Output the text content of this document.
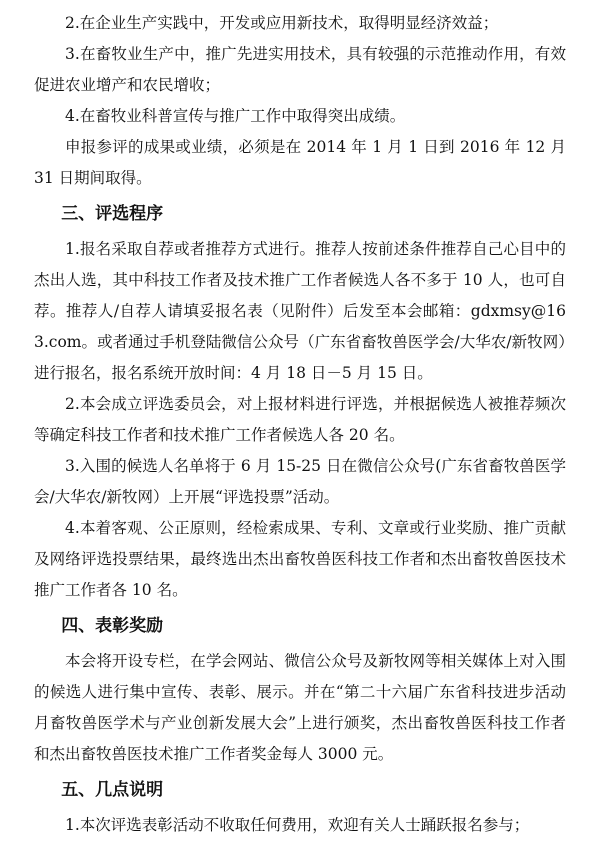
2.在企业生产实践中，开发或应用新技术，取得明显经济效益；

3.在畜牧业生产中，推广先进实用技术，具有较强的示范推动作用，有效促进农业增产和农民增收；

4.在畜牧业科普宣传与推广工作中取得突出成绩。

申报参评的成果或业绩，必须是在 2014 年 1 月 1 日到 2016 年 12 月 31 日期间取得。

三、评选程序

1.报名采取自荐或者推荐方式进行。推荐人按前述条件推荐自己心目中的杰出人选，其中科技工作者及技术推广工作者候选人各不多于 10 人，也可自荐。推荐人/自荐人请填妥报名表（见附件）后发至本会邮箱：gdxmsy@163.com。或者通过手机登陆微信公众号（广东省畜牧兽医学会/大华农/新牧网）进行报名，报名系统开放时间：4 月 18 日－5 月 15 日。

2.本会成立评选委员会，对上报材料进行评选，并根据候选人被推荐频次等确定科技工作者和技术推广工作者候选人各 20 名。

3.入围的候选人名单将于 6 月 15-25 日在微信公众号(广东省畜牧兽医学会/大华农/新牧网）上开展“评选投票”活动。

4.本着客观、公正原则，经检索成果、专利、文章或行业奖励、推广贡献及网络评选投票结果，最终选出杰出畜牧兽医科技工作者和杰出畜牧兽医技术推广工作者各 10 名。

四、表彰奖励

本会将开设专栏，在学会网站、微信公众号及新牧网等相关媒体上对入围的候选人进行集中宣传、表彰、展示。并在“第二十六届广东省科技进步活动月畜牧兽医学术与产业创新发展大会”上进行颁奖，杰出畜牧兽医科技工作者和杰出畜牧兽医技术推广工作者奖金每人 3000 元。

五、几点说明

1.本次评选表彰活动不收取任何费用，欢迎有关人士踊跃报名参与；
